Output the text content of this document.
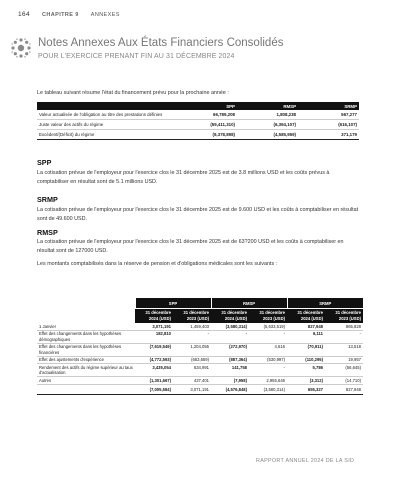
164 CHAPITRE 9 ANNEXES
Notes Annexes Aux États Financiers Consolidés
POUR L'EXERCICE PRENANT FIN AU 31 DÉCEMBRE 2024
Le tableau suivant résume l'état du financement prévu pour la prochaine année :
	SPP	RMSP	SRMP
Valeur actualisée de l'obligation au titre des prestations définies	66,789,208	1,808,238	567,277
Juste valeur des actifs du régime	(59,411,310)	(6,394,107)	(616,107)
Excédent/(Déficit) du régime	(9,378,898)	(4,585,959)	371,179
SPP
La cotisation prévue de l'employeur pour l'exercice clos le 31 décembre 2025 est de 3.8 millions USD et les coûts prévus à comptabiliser en résultat sont de 5.1 millions USD.
SRMP
La cotisation prévue de l'employeur pour l'exercice clos le 31 décembre 2025 est de 9.600 USD et les coûts à comptabiliser en résultat sont de 49.600 USD.
RMSP
La cotisation prévue de l'employeur pour l'exercice clos le 31 décembre 2025 est de 63?200 USD et les coûts à comptabiliser en résultat sont de 127000 USD.
Les montants comptabilisés dans la réserve de pension et d'obligations médicales sont les suivants :
	SPP		RMSP		SRMP	
	31 décembre 2024 (USD)	31 décembre 2023 (USD)	31 décembre 2024 (USD)	31 décembre 2023 (USD)	31 décembre 2024 (USD)	31 décembre 2023 (USD)
1 Janvier	3,071,191	1,459,403	(3,580,314)	(5,633,519)	827,948	865,828
Effet des changements dans les hypothèses démographiques	182,810	-	-	-	6,111	-
Effet des changements dans les hypothèses financières	(7,619,549)	1,204,055	(272,970)	4,616	(70,911)	13,518
Effet des ajustements d'expérience	(4,772,593)	(663,659)	(887,364)	(530,997)	(110,295)	19,957
Rendement des actifs du régime supérieur au taux d'actualisation	3,435,054	634,991	141,758	-	5,786	(56,645)
Autres	(1,301,667)	437,401	(7,958)	2,955,646	(3,312)	(14,710)
	(7,005,584)	3,071,191	(4,576,848)	(3,580,314)	655,327	827,948
RAPPORT ANNUEL 2024 DE LA SID
